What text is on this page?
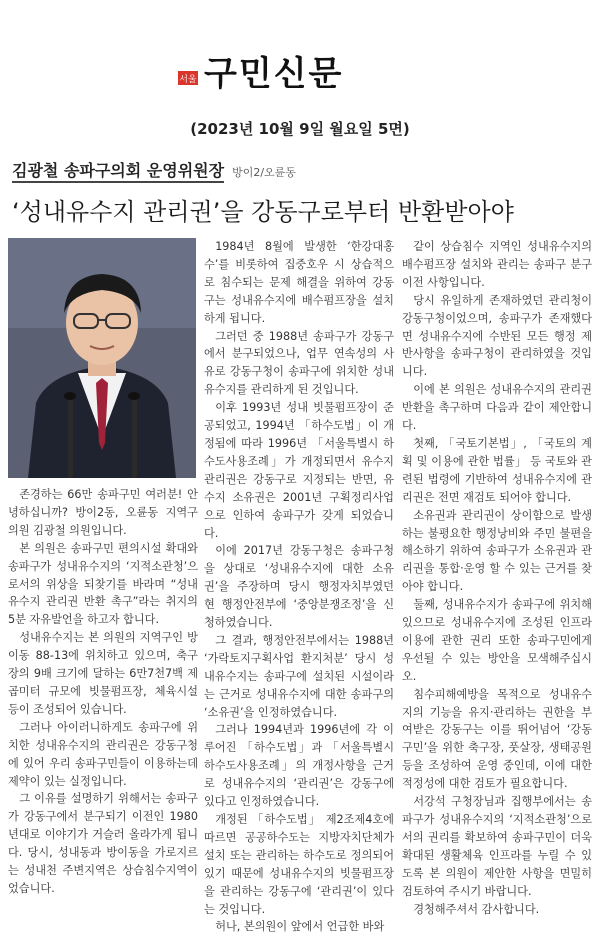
서울 구민신문
(2023년 10월 9일 월요일 5면)
김광철 송파구의회 운영위원장 방이2/오륜동
‘성내유수지 관리권’을 강동구로부터 반환받아야

존경하는 66만 송파구민 여러분! 안녕하십니까? 방이2동, 오륜동 지역구 의원 김광철 의원입니다.

본 의원은 송파구민 편의시설 확대와 송파구가 성내유수지의 ‘지적소관청’으로서의 위상을 되찾기를 바라며 “성내유수지 관리권 반환 촉구”라는 취지의 5분 자유발언을 하고자 합니다.

성내유수지는 본 의원의 지역구인 방이동 88-13에 위치하고 있으며, 축구장의 9배 크기에 달하는 6만7천7백 제곱미터 규모에 빗물펌프장, 체육시설 등이 조성되어 있습니다.

그러나 아이러니하게도 송파구에 위치한 성내유수지의 관리권은 강동구청에 있어 우리 송파구민들이 이용하는데 제약이 있는 실정입니다.

그 이유를 설명하기 위해서는 송파구가 강동구에서 분구되기 이전인 1980년대로 이야기가 거슬러 올라가게 됩니다. 당시, 성내동과 방이동을 가로지르는 성내천 주변지역은 상습침수지역이었습니다.

1984년 8월에 발생한 ‘한강대홍수’를 비롯하여 집중호우 시 상습적으로 침수되는 문제 해결을 위하여 강동구는 성내유수지에 배수펌프장을 설치하게 됩니다.

그러던 중 1988년 송파구가 강동구에서 분구되었으나, 업무 연속성의 사유로 강동구청이 송파구에 위치한 성내유수지를 관리하게 된 것입니다.

이후 1993년 성내 빗물펌프장이 준공되었고, 1994년 「하수도법」이 개정됨에 따라 1996년 「서울특별시 하수도사용조례」가 개정되면서 유수지 관리권은 강동구로 지정되는 반면, 유수지 소유권은 2001년 구획정리사업으로 인하여 송파구가 갖게 되었습니다.

이에 2017년 강동구청은 송파구청을 상대로 ‘성내유수지에 대한 소유권’을 주장하며 당시 행정자치부였던 현 행정안전부에 ‘중앙분쟁조정’을 신청하였습니다.

그 결과, 행정안전부에서는 1988년 ‘가락토지구획사업 환지처분’ 당시 성내유수지는 송파구에 설치된 시설이라는 근거로 성내유수지에 대한 송파구의 ‘소유권’을 인정하였습니다.

그러나 1994년과 1996년에 각 이루어진 「하수도법」과 「서울특별시 하수도사용조례」의 개정사항을 근거로 성내유수지의 ‘관리권’은 강동구에 있다고 인정하였습니다.

개정된 「하수도법」 제2조제4호에 따르면 공공하수도는 지방자치단체가 설치 또는 관리하는 하수도로 정의되어 있기 때문에 성내유수지의 빗물펌프장을 관리하는 강동구에 ‘관리권’이 있다는 것입니다.

허나, 본의원이 앞에서 언급한 바와

같이 상습침수 지역인 성내유수지의 배수펌프장 설치와 관리는 송파구 분구 이전 사항입니다.

당시 유일하게 존재하였던 관리청이 강동구청이었으며, 송파구가 존재했다면 성내유수지에 수반된 모든 행정 제반사항을 송파구청이 관리하였을 것입니다.

이에 본 의원은 성내유수지의 관리권 반환을 촉구하며 다음과 같이 제안합니다.

첫째, 「국토기본법」, 「국토의 계획 및 이용에 관한 법률」 등 국토와 관련된 법령에 기반하여 성내유수지에 관리권은 전면 재검토 되어야 합니다.

소유권과 관리권이 상이함으로 발생하는 불평요한 행정낭비와 주민 불편을 해소하기 위하여 송파구가 소유권과 관리권을 통합·운영 할 수 있는 근거를 찾아야 합니다.

둘째, 성내유수지가 송파구에 위치해 있으므로 성내유수지에 조성된 인프라 이용에 관한 권리 또한 송파구민에게 우선될 수 있는 방안을 모색해주십시오.

침수피해예방을 목적으로 성내유수지의 기능을 유지·관리하는 권한을 부여받은 강동구는 이를 뛰어넘어 ‘강동구민’을 위한 축구장, 풋살장, 생태공원등을 조성하여 운영 중인데, 이에 대한 적정성에 대한 검토가 필요합니다.

서강석 구청장님과 집행부에서는 송파구가 성내유수지의 ‘지적소관청’으로서의 권리를 확보하여 송파구민이 더욱 확대된 생활체육 인프라를 누릴 수 있도록 본 의원이 제안한 사항을 면밀히 검토하여 주시기 바랍니다.

경청해주셔서 감사합니다.
